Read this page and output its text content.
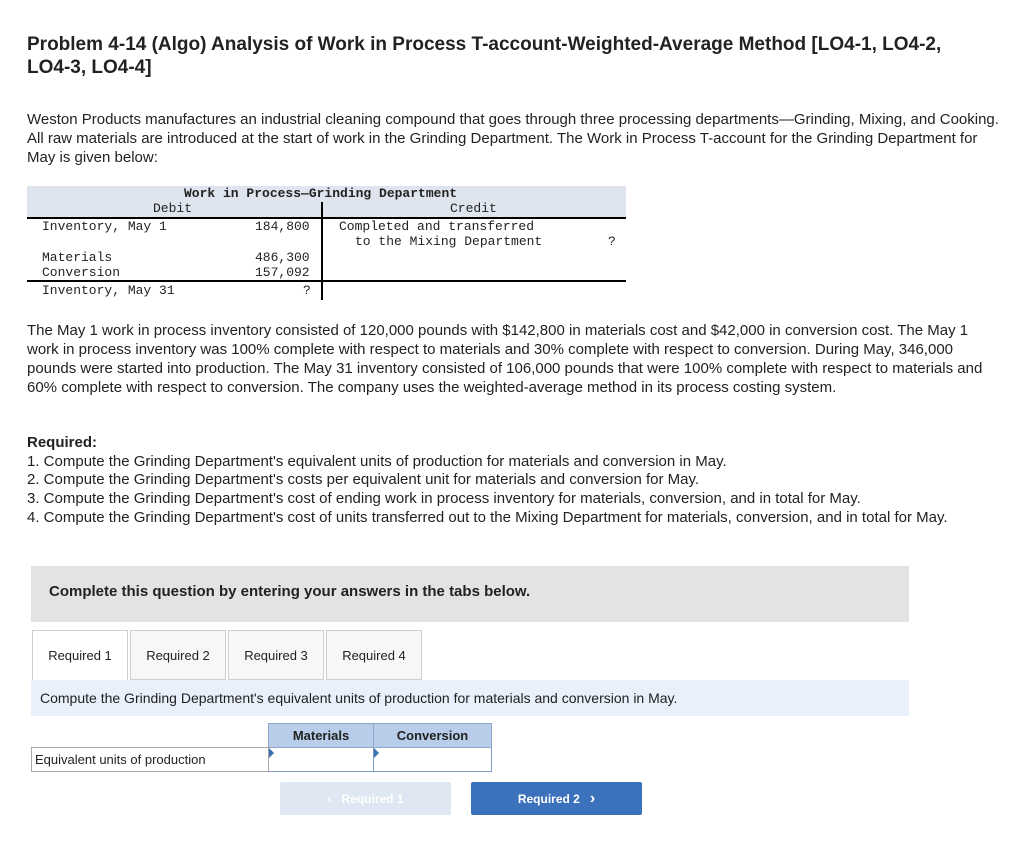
Problem 4-14 (Algo) Analysis of Work in Process T-account-Weighted-Average Method [LO4-1, LO4-2, LO4-3, LO4-4]
Weston Products manufactures an industrial cleaning compound that goes through three processing departments—Grinding, Mixing, and Cooking. All raw materials are introduced at the start of work in the Grinding Department. The Work in Process T-account for the Grinding Department for May is given below:
Work in Process—Grinding Department
Debit	Credit
Inventory, May 1	184,800
Materials	486,300
Conversion	157,092
Inventory, May 31	?
Completed and transferred
to the Mixing Department	?
The May 1 work in process inventory consisted of 120,000 pounds with $142,800 in materials cost and $42,000 in conversion cost. The May 1 work in process inventory was 100% complete with respect to materials and 30% complete with respect to conversion. During May, 346,000 pounds were started into production. The May 31 inventory consisted of 106,000 pounds that were 100% complete with respect to materials and 60% complete with respect to conversion. The company uses the weighted-average method in its process costing system.
Required:
1. Compute the Grinding Department's equivalent units of production for materials and conversion in May.
2. Compute the Grinding Department's costs per equivalent unit for materials and conversion for May.
3. Compute the Grinding Department's cost of ending work in process inventory for materials, conversion, and in total for May.
4. Compute the Grinding Department's cost of units transferred out to the Mixing Department for materials, conversion, and in total for May.
Complete this question by entering your answers in the tabs below.
Required 1	Required 2	Required 3	Required 4
Compute the Grinding Department's equivalent units of production for materials and conversion in May.
	Materials	Conversion
Equivalent units of production	

‹ Required 1	Required 2 ›
